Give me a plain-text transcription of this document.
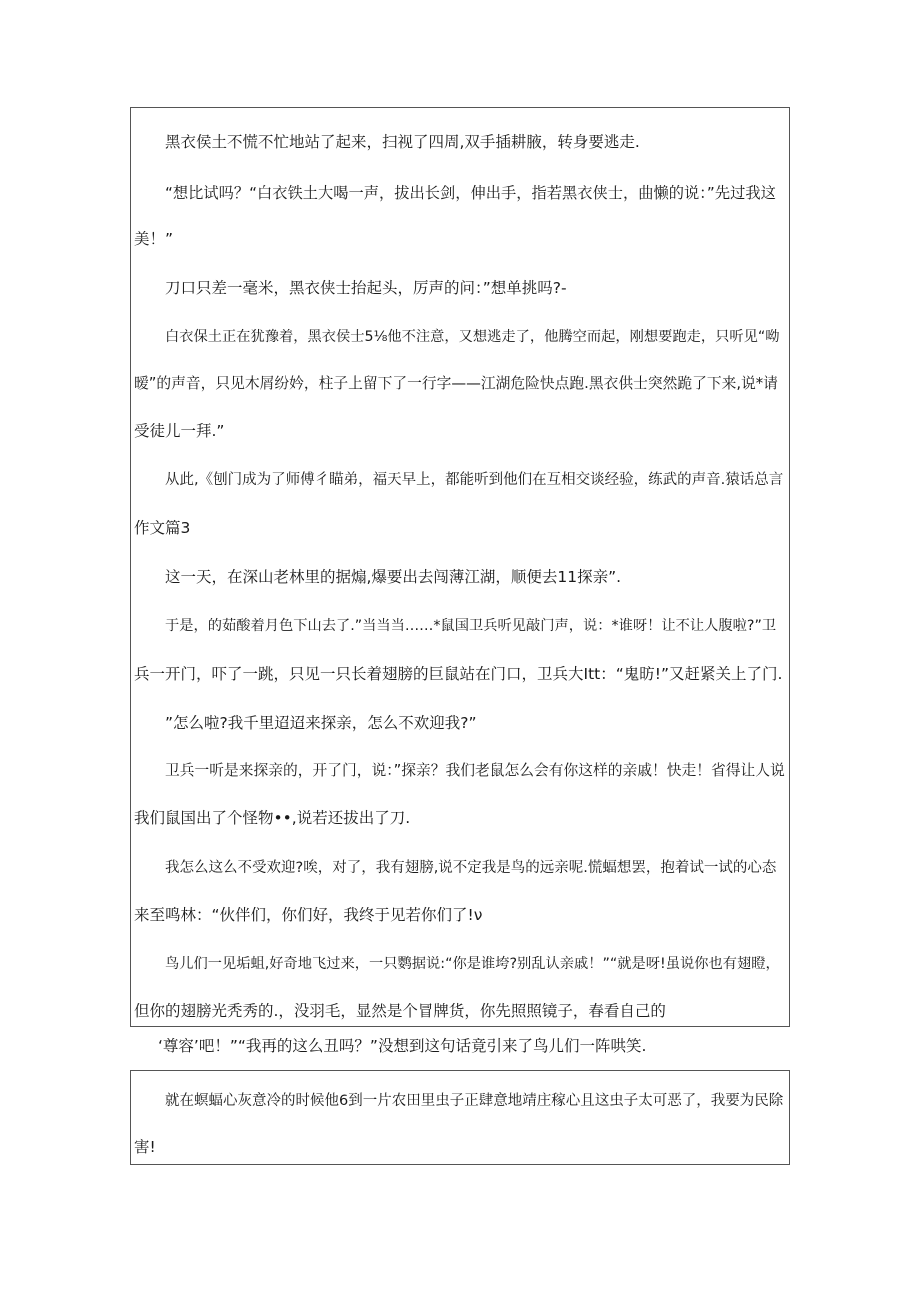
黑衣侯土不慌不忙地站了起来，扫视了四周,双手插耕腋，转身要逃走.
“想比试吗？“白衣铁土大喝一声，拔出长剑，伸出手，指若黑衣侠士，曲懒的说：”先过我这
美！”
刀口只差一毫米，黑衣侠士抬起头，厉声的问：”想单挑吗?-
白衣保土正在犹豫着，黑衣侯士5⅛他不注意，又想逃走了，他腾空而起，刚想要跑走，只听见“呦
暧”的声音，只见木屑纷妗，柱子上留下了一行字——江湖危险快点跑.黑衣供士突然跪了下来,说*请
受徒儿一拜.”
从此,《刨门成为了师傅彳瞄弟，福天早上，都能听到他们在互相交谈经验，练武的声音.猿话总言
作文篇3
这一天，在深山老林里的据煽,爆要出去闯薄江湖，顺便去11探亲”.
于是，的茹酸着月色下山去了.”当当当……*鼠国卫兵听见敲门声，说：*谁呀！让不让人腹啦?”卫
兵一开门，吓了一跳，只见一只长着翅膀的巨鼠站在门口，卫兵大Itt：“鬼昉!”又赶紧关上了门.
”怎么啦?我千里迢迢来探亲，怎么不欢迎我?”
卫兵一听是来探亲的，开了门，说：”探亲？我们老鼠怎么会有你这样的亲戚！快走！省得让人说
我们鼠国出了个怪物••,说若还拔出了刀.
我怎么这么不受欢迎?唉，对了，我有翅膀,说不定我是鸟的远亲呢.慌蝠想罢，抱着试一试的心态
来至鸣林：“伙伴们，你们好，我终于见若你们了!ν
鸟儿们一见垢蛆,好奇地飞过来，一只鹦据说:“你是谁垮?别乱认亲戚！”“就是呀!虽说你也有翅瞪，
但你的翅膀光秃秀的.，没羽毛，显然是个冒牌货，你先照照镜子，春看自己的
‘尊容’吧！”“我再的这么丑吗？”没想到这句话竟引来了鸟儿们一阵哄笑.
就在螟蝠心灰意冷的时候他6到一片农田里虫子正肆意地靖庄稼心且这虫子太可恶了，我要为民除
害!
